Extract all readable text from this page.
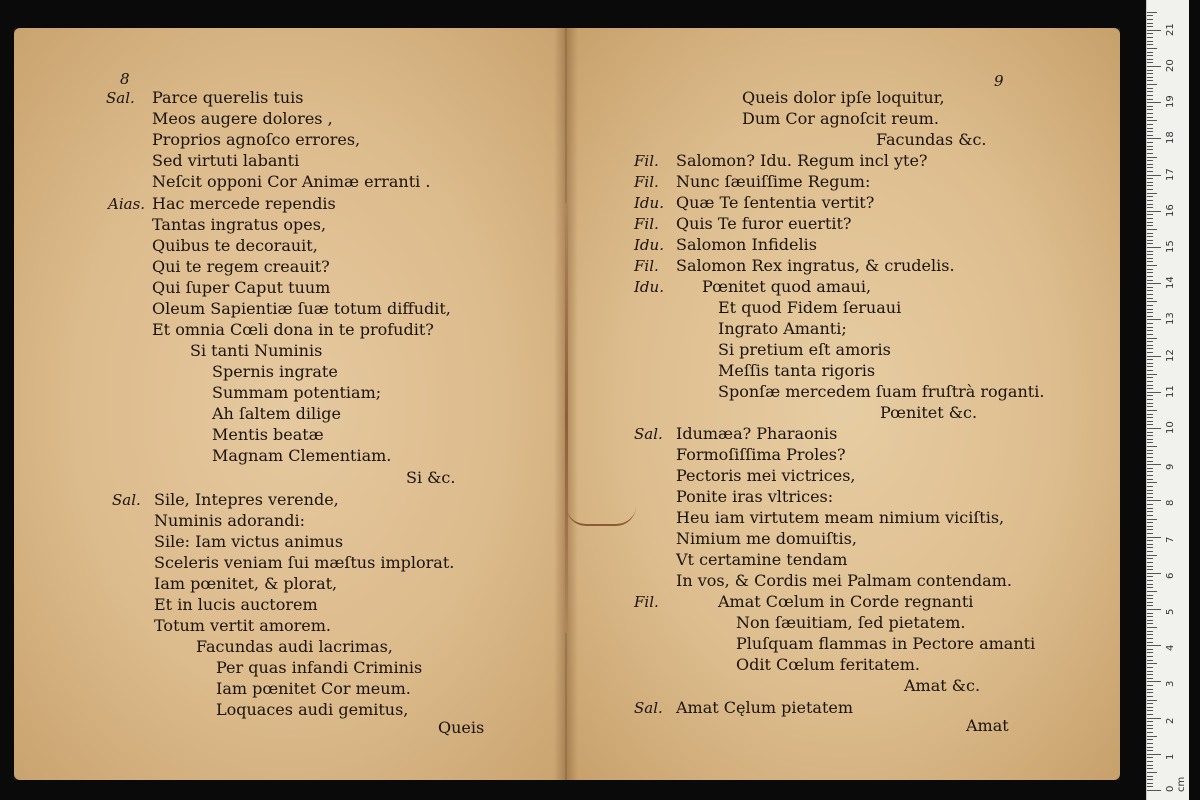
8
Sal. Parce querelis tuis
Meos augere dolores ,
Proprios agnoſco errores,
Sed virtuti labanti
Neſcit opponi Cor Animæ erranti .
Aias. Hac mercede rependis
Tantas ingratus opes,
Quibus te decorauit,
Qui te regem creauit?
Qui ſuper Caput tuum
Oleum Sapientiæ ſuæ totum diffudit,
Et omnia Cœli dona in te profudit?
Si tanti Numinis
Spernis ingrate
Summam potentiam;
Ah ſaltem dilige
Mentis beatæ
Magnam Clementiam.
Si &c.
Sal. Sile, Intepres verende,
Numinis adorandi:
Sile: Iam victus animus
Sceleris veniam ſui mæſtus implorat.
Iam pœnitet, & plorat,
Et in lucis auctorem
Totum vertit amorem.
Facundas audi lacrimas,
Per quas infandi Criminis
Iam pœnitet Cor meum.
Loquaces audi gemitus,
Queis
9
Queis dolor ipſe loquitur,
Dum Cor agnoſcit reum.
Facundas &c.
Fil. Salomon? Idu. Regum incl yte?
Fil. Nunc ſæuiſſime Regum:
Idu. Quæ Te ſententia vertit?
Fil. Quis Te furor euertit?
Idu. Salomon Infidelis
Fil. Salomon Rex ingratus, & crudelis.
Idu. Pœnitet quod amaui,
Et quod Fidem ſeruaui
Ingrato Amanti;
Si pretium eſt amoris
Meſſis tanta rigoris
Sponſæ mercedem ſuam fruſtrà roganti.
Pœnitet &c.
Sal. Idumæa? Pharaonis
Formoſiſſima Proles?
Pectoris mei victrices,
Ponite iras vltrices:
Heu iam virtutem meam nimium viciſtis,
Nimium me domuiſtis,
Vt certamine tendam
In vos, & Cordis mei Palmam contendam.
Fil.	Amat Cœlum in Corde regnanti
Non ſæuitiam, ſed pietatem.
Pluſquam flammas in Pectore amanti
Odit Cœlum feritatem.
Amat &c.
Sal. Amat Cęlum pietatem
Amat
0 cm
1
2
3
4
5
6
7
8
9
10
11
12
13
14
15
16
17
18
19
20
21
